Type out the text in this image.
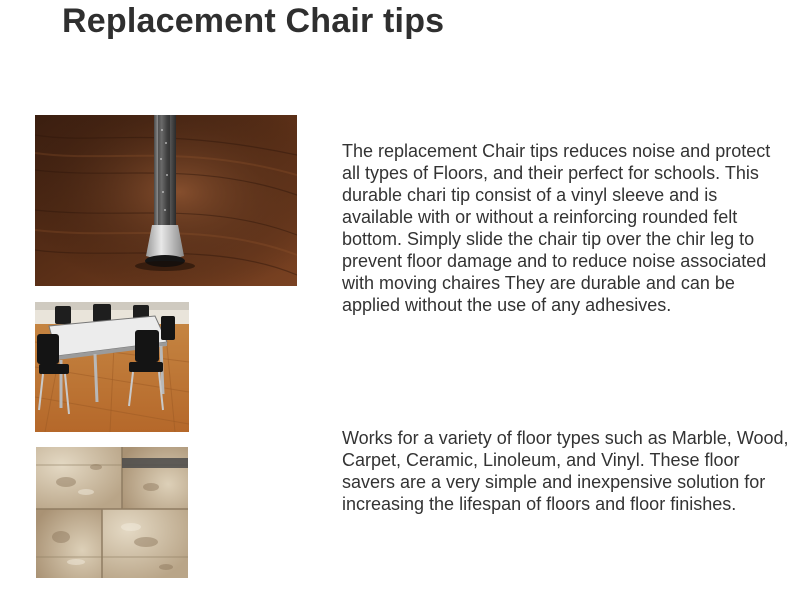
Replacement Chair tips

The replacement Chair tips reduces noise and protect all types of Floors, and their perfect for schools. This durable chari tip consist of a vinyl sleeve and is available with or without a reinforcing rounded felt bottom. Simply slide the chair tip over the chir leg to prevent floor damage and to reduce noise associated with moving chaires They are durable and can be applied without the use of any adhesives.

Works for a variety of floor types such as Marble, Wood, Carpet, Ceramic, Linoleum, and Vinyl. These floor savers are a very simple and inexpensive solution for increasing the lifespan of floors and floor finishes.
